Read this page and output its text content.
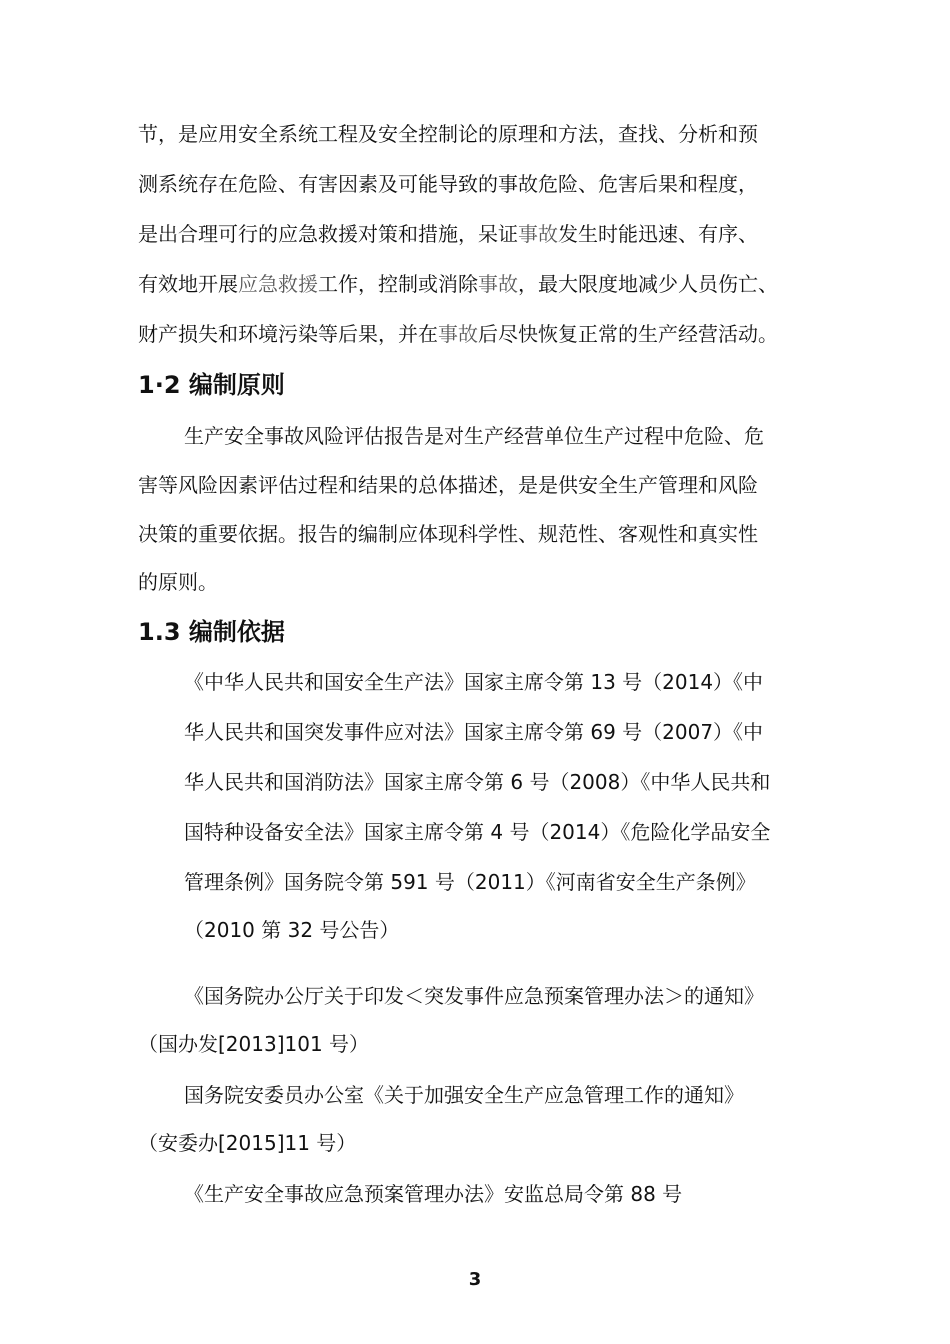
节，是应用安全系统工程及安全控制论的原理和方法，查找、分析和预

测系统存在危险、有害因素及可能导致的事故危险、危害后果和程度，

是出合理可行的应急救援对策和措施，呆证事故发生时能迅速、有序、

有效地开展应急救援工作，控制或消除事故，最大限度地减少人员伤亡、

财产损失和环境污染等后果，并在事故后尽快恢复正常的生产经营活动。

1·2 编制原则

生产安全事故风险评估报告是对生产经营单位生产过程中危险、危

害等风险因素评估过程和结果的总体描述，是是供安全生产管理和风险

决策的重要依据。报告的编制应体现科学性、规范性、客观性和真实性

的原则。

1.3 编制依据

《中华人民共和国安全生产法》国家主席令第 13 号（2014）《中

华人民共和国突发事件应对法》国家主席令第 69 号（2007）《中

华人民共和国消防法》国家主席令第 6 号（2008）《中华人民共和

国特种设备安全法》国家主席令第 4 号（2014）《危险化学品安全

管理条例》国务院令第 591 号（2011）《河南省安全生产条例》

（2010 第 32 号公告）

《国务院办公厅关于印发＜突发事件应急预案管理办法＞的通知》

（国办发[2013]101 号）

国务院安委员办公室《关于加强安全生产应急管理工作的通知》

（安委办[2015]11 号）

《生产安全事故应急预案管理办法》安监总局令第 88 号

3
